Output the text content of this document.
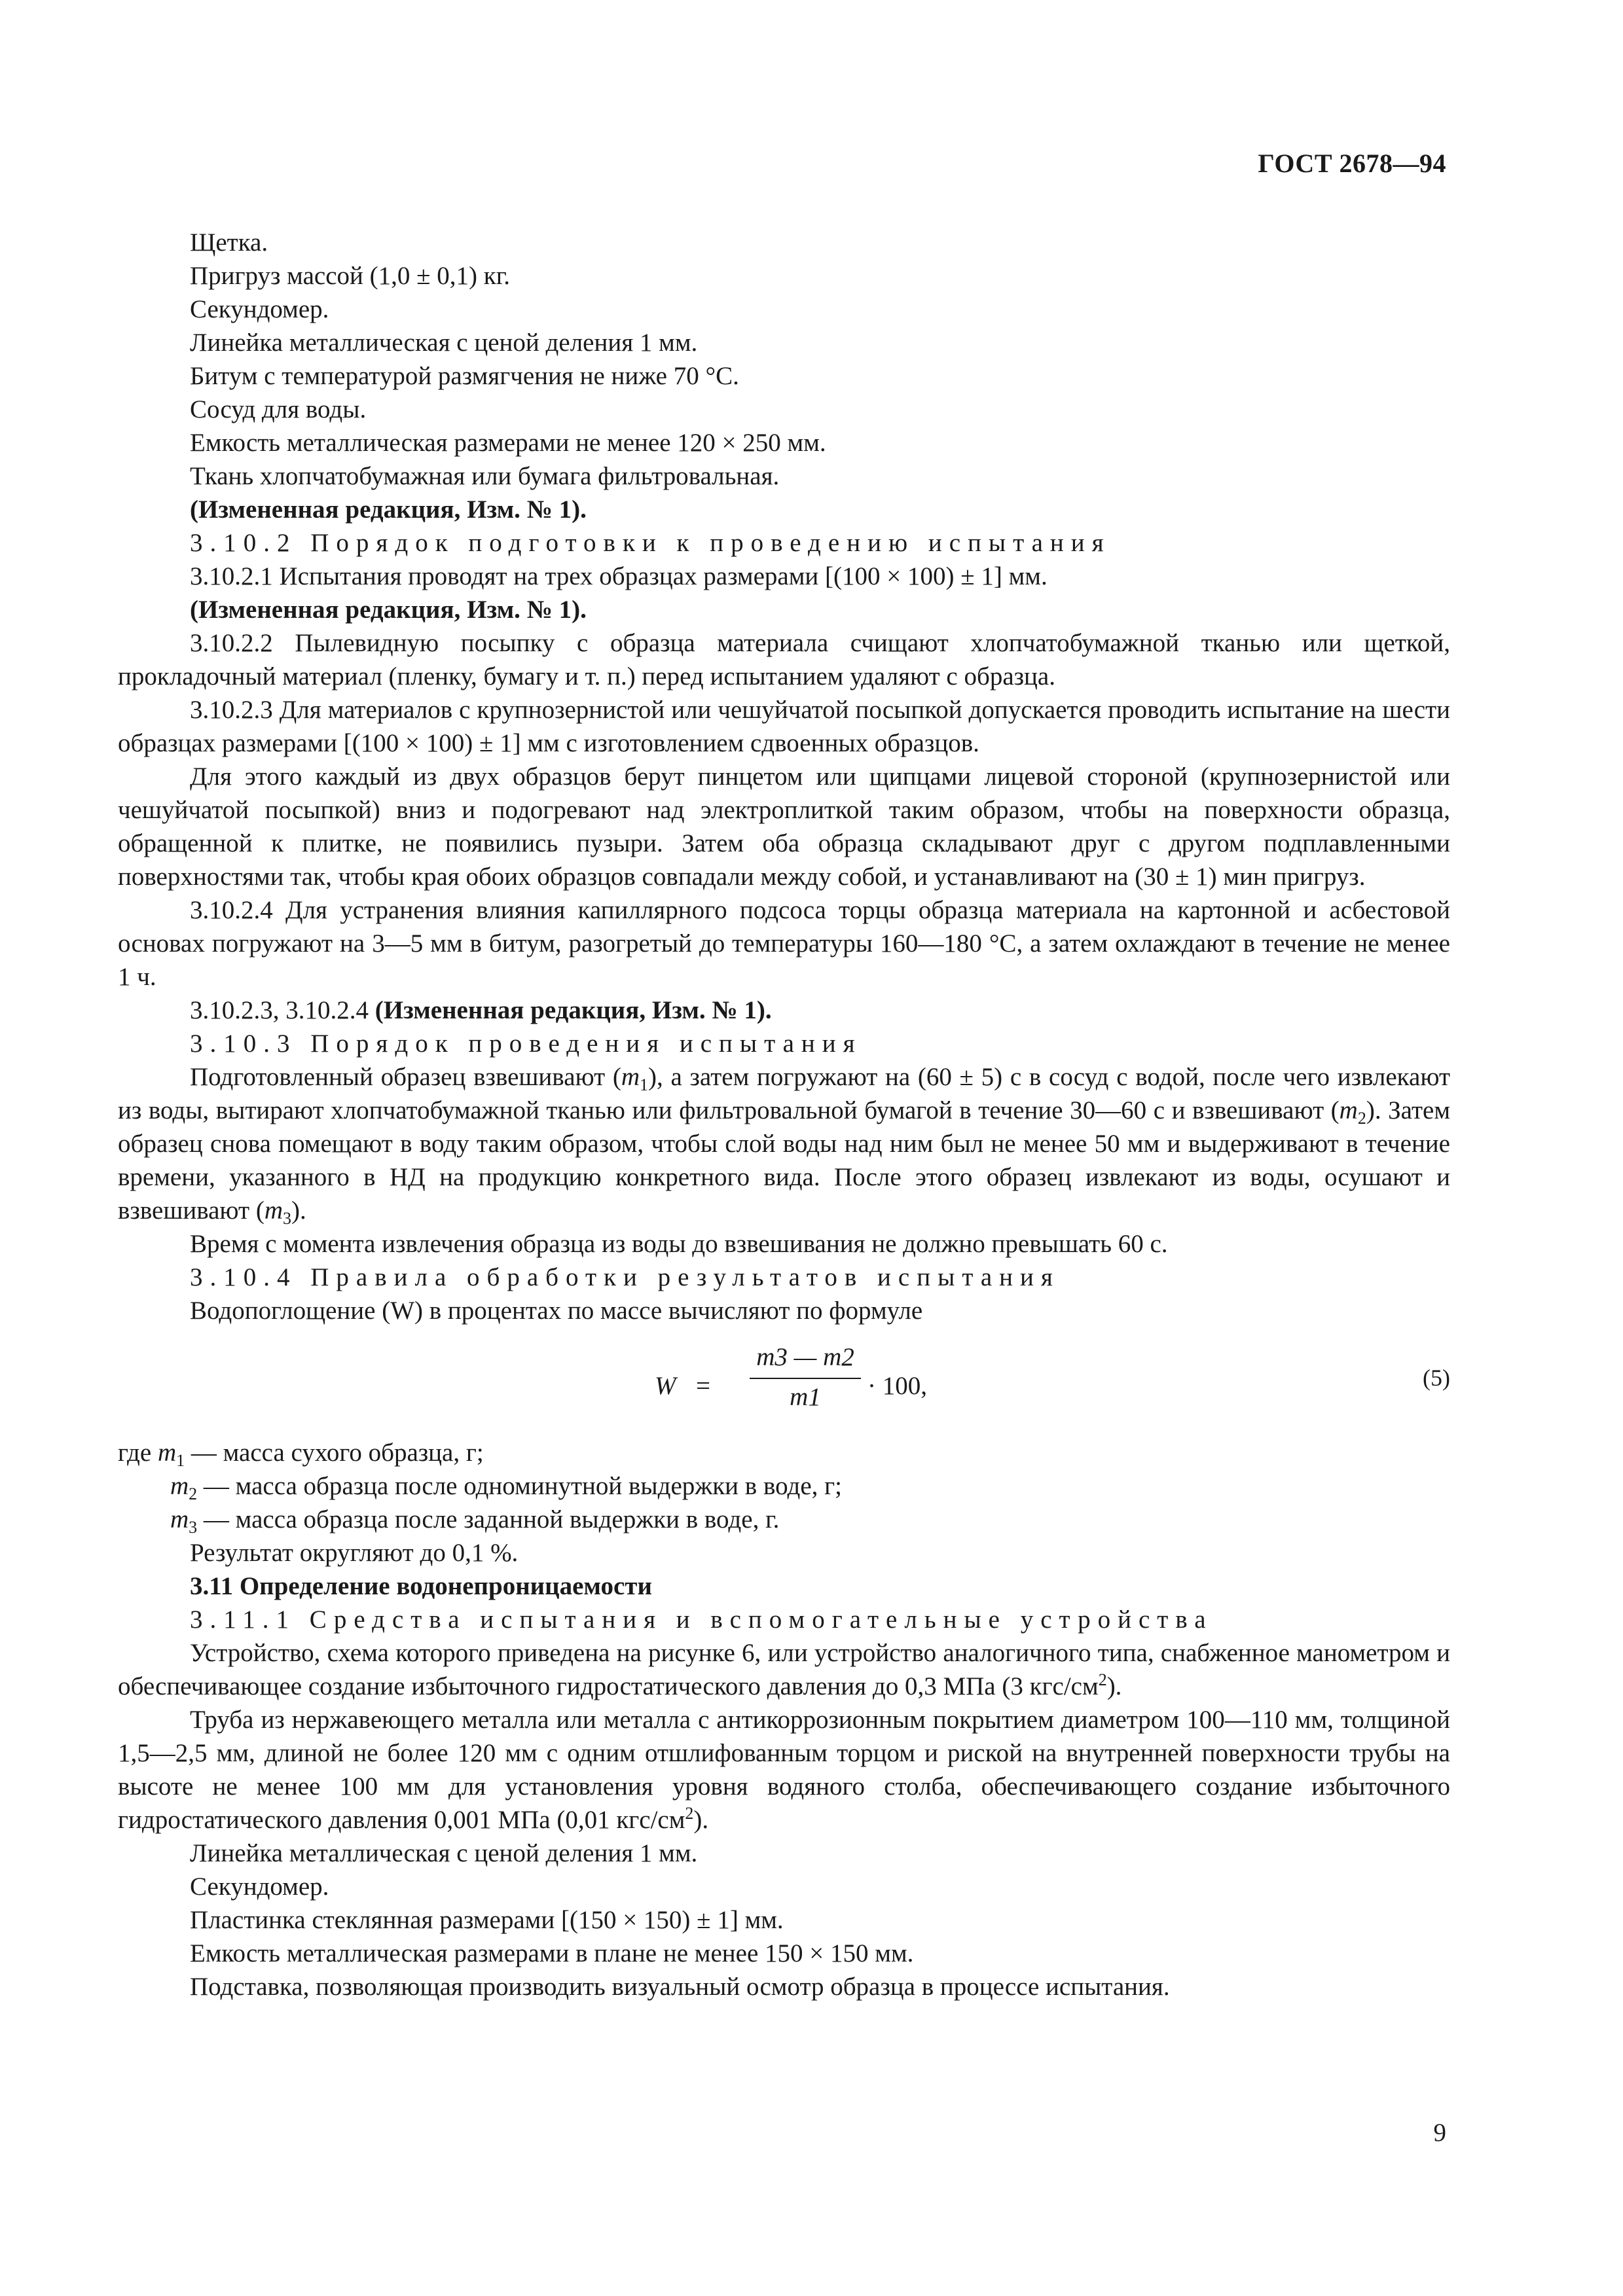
ГОСТ 2678—94

Щетка.

Пригруз массой (1,0 ± 0,1) кг.

Секундомер.

Линейка металлическая с ценой деления 1 мм.

Битум с температурой размягчения не ниже 70 °С.

Сосуд для воды.

Емкость металлическая размерами не менее 120 × 250 мм.

Ткань хлопчатобумажная или бумага фильтровальная.

(Измененная редакция, Изм. № 1).

3.10.2 Порядок подготовки к проведению испытания

3.10.2.1 Испытания проводят на трех образцах размерами [(100 × 100) ± 1] мм.

(Измененная редакция, Изм. № 1).

3.10.2.2 Пылевидную посыпку с образца материала счищают хлопчатобумажной тканью или щеткой, прокладочный материал (пленку, бумагу и т. п.) перед испытанием удаляют с образца.

3.10.2.3 Для материалов с крупнозернистой или чешуйчатой посыпкой допускается проводить испытание на шести образцах размерами [(100 × 100) ± 1] мм с изготовлением сдвоенных образцов.

Для этого каждый из двух образцов берут пинцетом или щипцами лицевой стороной (крупнозернистой или чешуйчатой посыпкой) вниз и подогревают над электроплиткой таким образом, чтобы на поверхности образца, обращенной к плитке, не появились пузыри. Затем оба образца складывают друг с другом подплавленными поверхностями так, чтобы края обоих образцов совпадали между собой, и устанавливают на (30 ± 1) мин пригруз.

3.10.2.4 Для устранения влияния капиллярного подсоса торцы образца материала на картонной и асбестовой основах погружают на 3—5 мм в битум, разогретый до температуры 160—180 °С, а затем охлаждают в течение не менее 1 ч.

3.10.2.3, 3.10.2.4 (Измененная редакция, Изм. № 1).

3.10.3 Порядок проведения испытания

Подготовленный образец взвешивают $(m_1)$, а затем погружают на (60 ± 5) с в сосуд с водой, после чего извлекают из воды, вытирают хлопчатобумажной тканью или фильтровальной бумагой в течение 30—60 с и взвешивают $(m_2)$. Затем образец снова помещают в воду таким образом, чтобы слой воды над ним был не менее 50 мм и выдерживают в течение времени, указанного в НД на продукцию конкретного вида. После этого образец извлекают из воды, осушают и взвешивают $(m_3)$.

Время с момента извлечения образца из воды до взвешивания не должно превышать 60 с.

3.10.4 Правила обработки результатов испытания

Водопоглощение (W) в процентах по массе вычисляют по формуле

$W = \frac{m3 — m2}{m1} \cdot 100$,	(5)

где $m_1$ — масса сухого образца, г;

$m_2$ — масса образца после одноминутной выдержки в воде, г;

$m_3$ — масса образца после заданной выдержки в воде, г.

Результат округляют до 0,1 %.

3.11 Определение водонепроницаемости

3.11.1 Средства испытания и вспомогательные устройства

Устройство, схема которого приведена на рисунке 6, или устройство аналогичного типа, снабженное манометром и обеспечивающее создание избыточного гидростатического давления до 0,3 МПа (3 кгс/$см^2$).

Труба из нержавеющего металла или металла с антикоррозионным покрытием диаметром 100—110 мм, толщиной 1,5—2,5 мм, длиной не более 120 мм с одним отшлифованным торцом и риской на внутренней поверхности трубы на высоте не менее 100 мм для установления уровня водяного столба, обеспечивающего создание избыточного гидростатического давления 0,001 МПа (0,01 кгс/$см^2$).

Линейка металлическая с ценой деления 1 мм.

Секундомер.

Пластинка стеклянная размерами [(150 × 150) ± 1] мм.

Емкость металлическая размерами в плане не менее 150 × 150 мм.

Подставка, позволяющая производить визуальный осмотр образца в процессе испытания.

9
